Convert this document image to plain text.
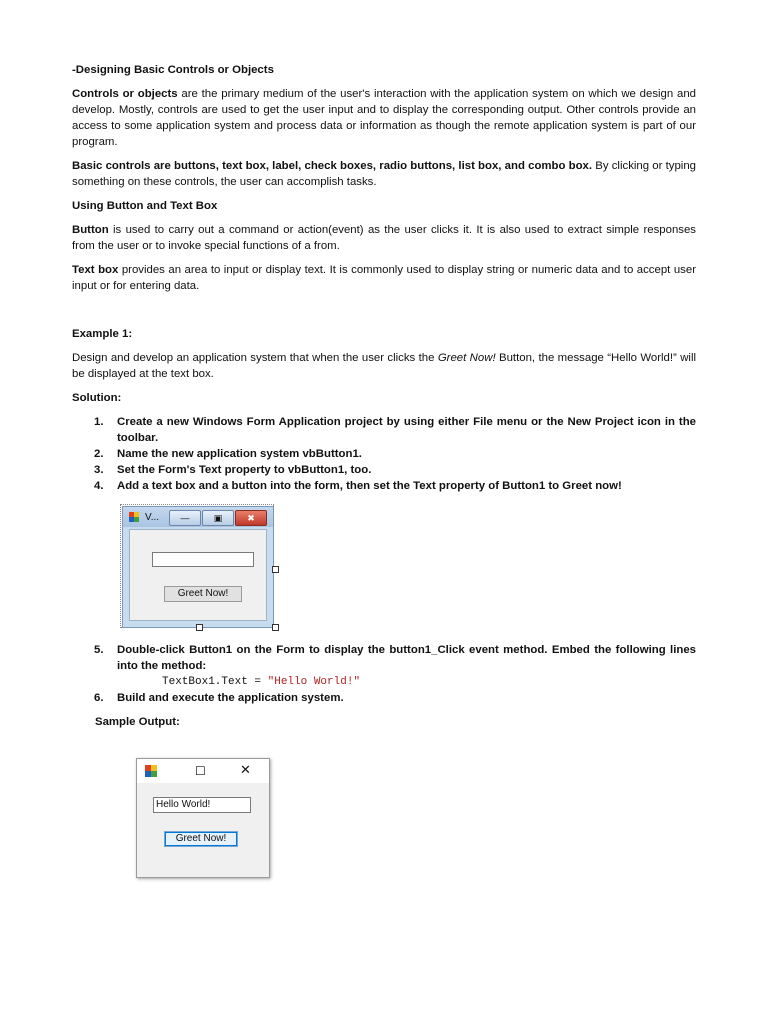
-Designing Basic Controls or Objects

Controls or objects are the primary medium of the user's interaction with the application system on which we design and develop. Mostly, controls are used to get the user input and to display the corresponding output. Other controls provide an access to some application system and process data or information as though the remote application system is part of our program.

Basic controls are buttons, text box, label, check boxes, radio buttons, list box, and combo box. By clicking or typing something on these controls, the user can accomplish tasks.

Using Button and Text Box

Button is used to carry out a command or action(event) as the user clicks it. It is also used to extract simple responses from the user or to invoke special functions of a from.

Text box provides an area to input or display text. It is commonly used to display string or numeric data and to accept user input or for entering data.

Example 1:

Design and develop an application system that when the user clicks the Greet Now! Button, the message “Hello World!” will be displayed at the text box.

Solution:
1. Create a new Windows Form Application project by using either File menu or the New Project icon in the toolbar.
2. Name the new application system vbButton1.
3. Set the Form's Text property to vbButton1, too.
4. Add a text box and a button into the form, then set the Text property of Button1 to Greet now!
V...	—	▣	✖
Greet Now!
5. Double-click Button1 on the Form to display the button1_Click event method. Embed the following lines into the method:
TextBox1.Text = "Hello World!"
6. Build and execute the application system.
Sample Output:
☐	✕
Hello World!
Greet Now!
